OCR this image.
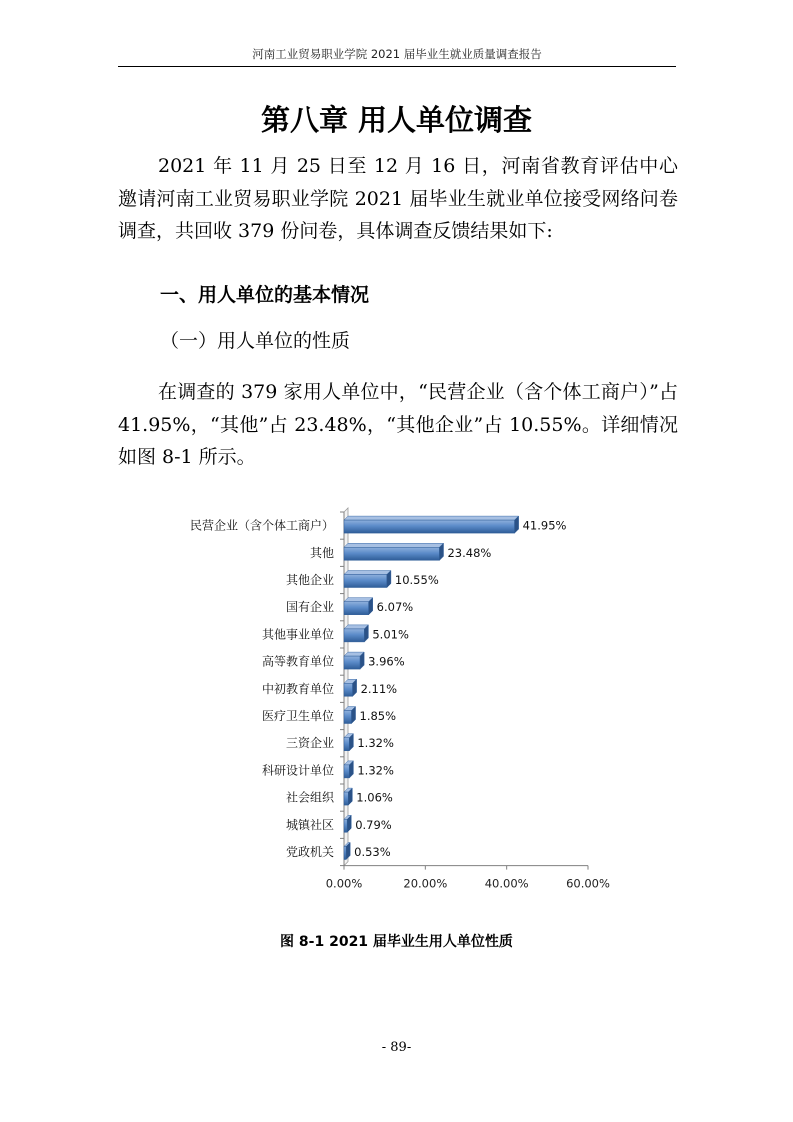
河南工业贸易职业学院 2021 届毕业生就业质量调查报告
第八章 用人单位调查

2021 年 11 月 25 日至 12 月 16 日，河南省教育评估中心邀请河南工业贸易职业学院 2021 届毕业生就业单位接受网络问卷调查，共回收 379 份问卷，具体调查反馈结果如下:

一、用人单位的基本情况
（一）用人单位的性质

在调查的 379 家用人单位中，“民营企业（含个体工商户）”占 41.95%，“其他”占 23.48%，“其他企业”占 10.55%。详细情况如图 8-1 所示。

0.00%	20.00%	40.00%	60.00%
41.95%
民营企业（含个体工商户）
23.48%
其他
10.55%
其他企业
6.07%
国有企业
5.01%
其他事业单位
3.96%
高等教育单位
2.11%
中初教育单位
1.85%
医疗卫生单位
1.32%
三资企业
1.32%
科研设计单位
1.06%
社会组织
0.79%
城镇社区
0.53%
党政机关
图 8-1 2021 届毕业生用人单位性质
- 89-
